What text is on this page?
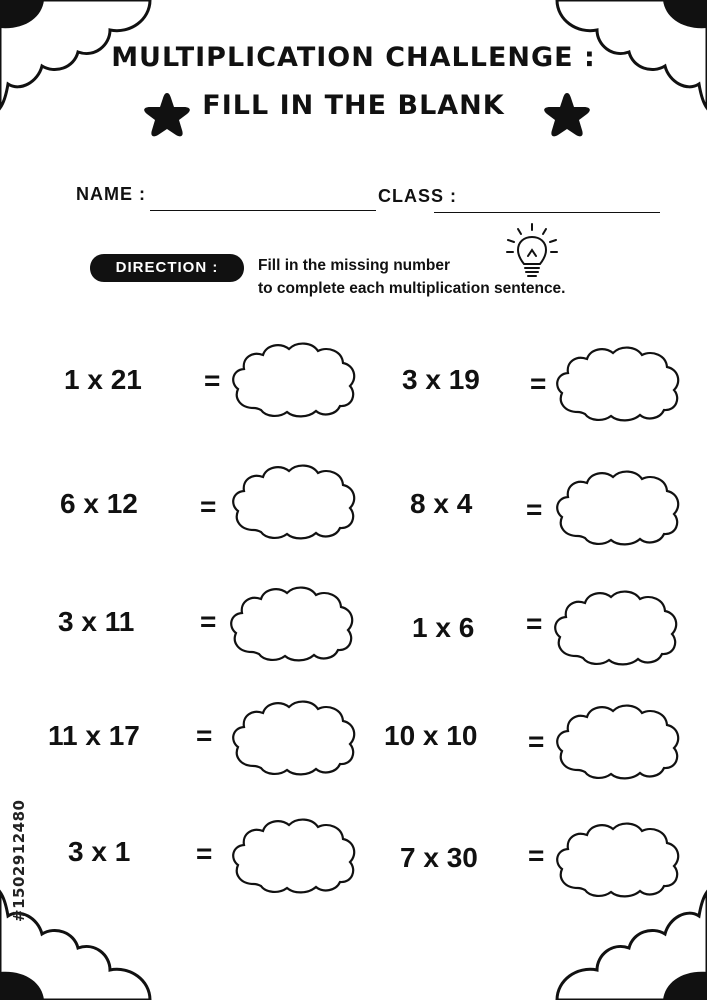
MULTIPLICATION CHALLENGE :
FILL IN THE BLANK
NAME :	CLASS :
DIRECTION :	Fill in the missing number
to complete each multiplication sentence.
1 x 21 =
6 x 12 =
3 x 11 =
11 x 17 =
3 x 1 =
3 x 19 =
8 x 4 =
1 x 6 =
10 x 10 =
7 x 30 =
#1502912480
